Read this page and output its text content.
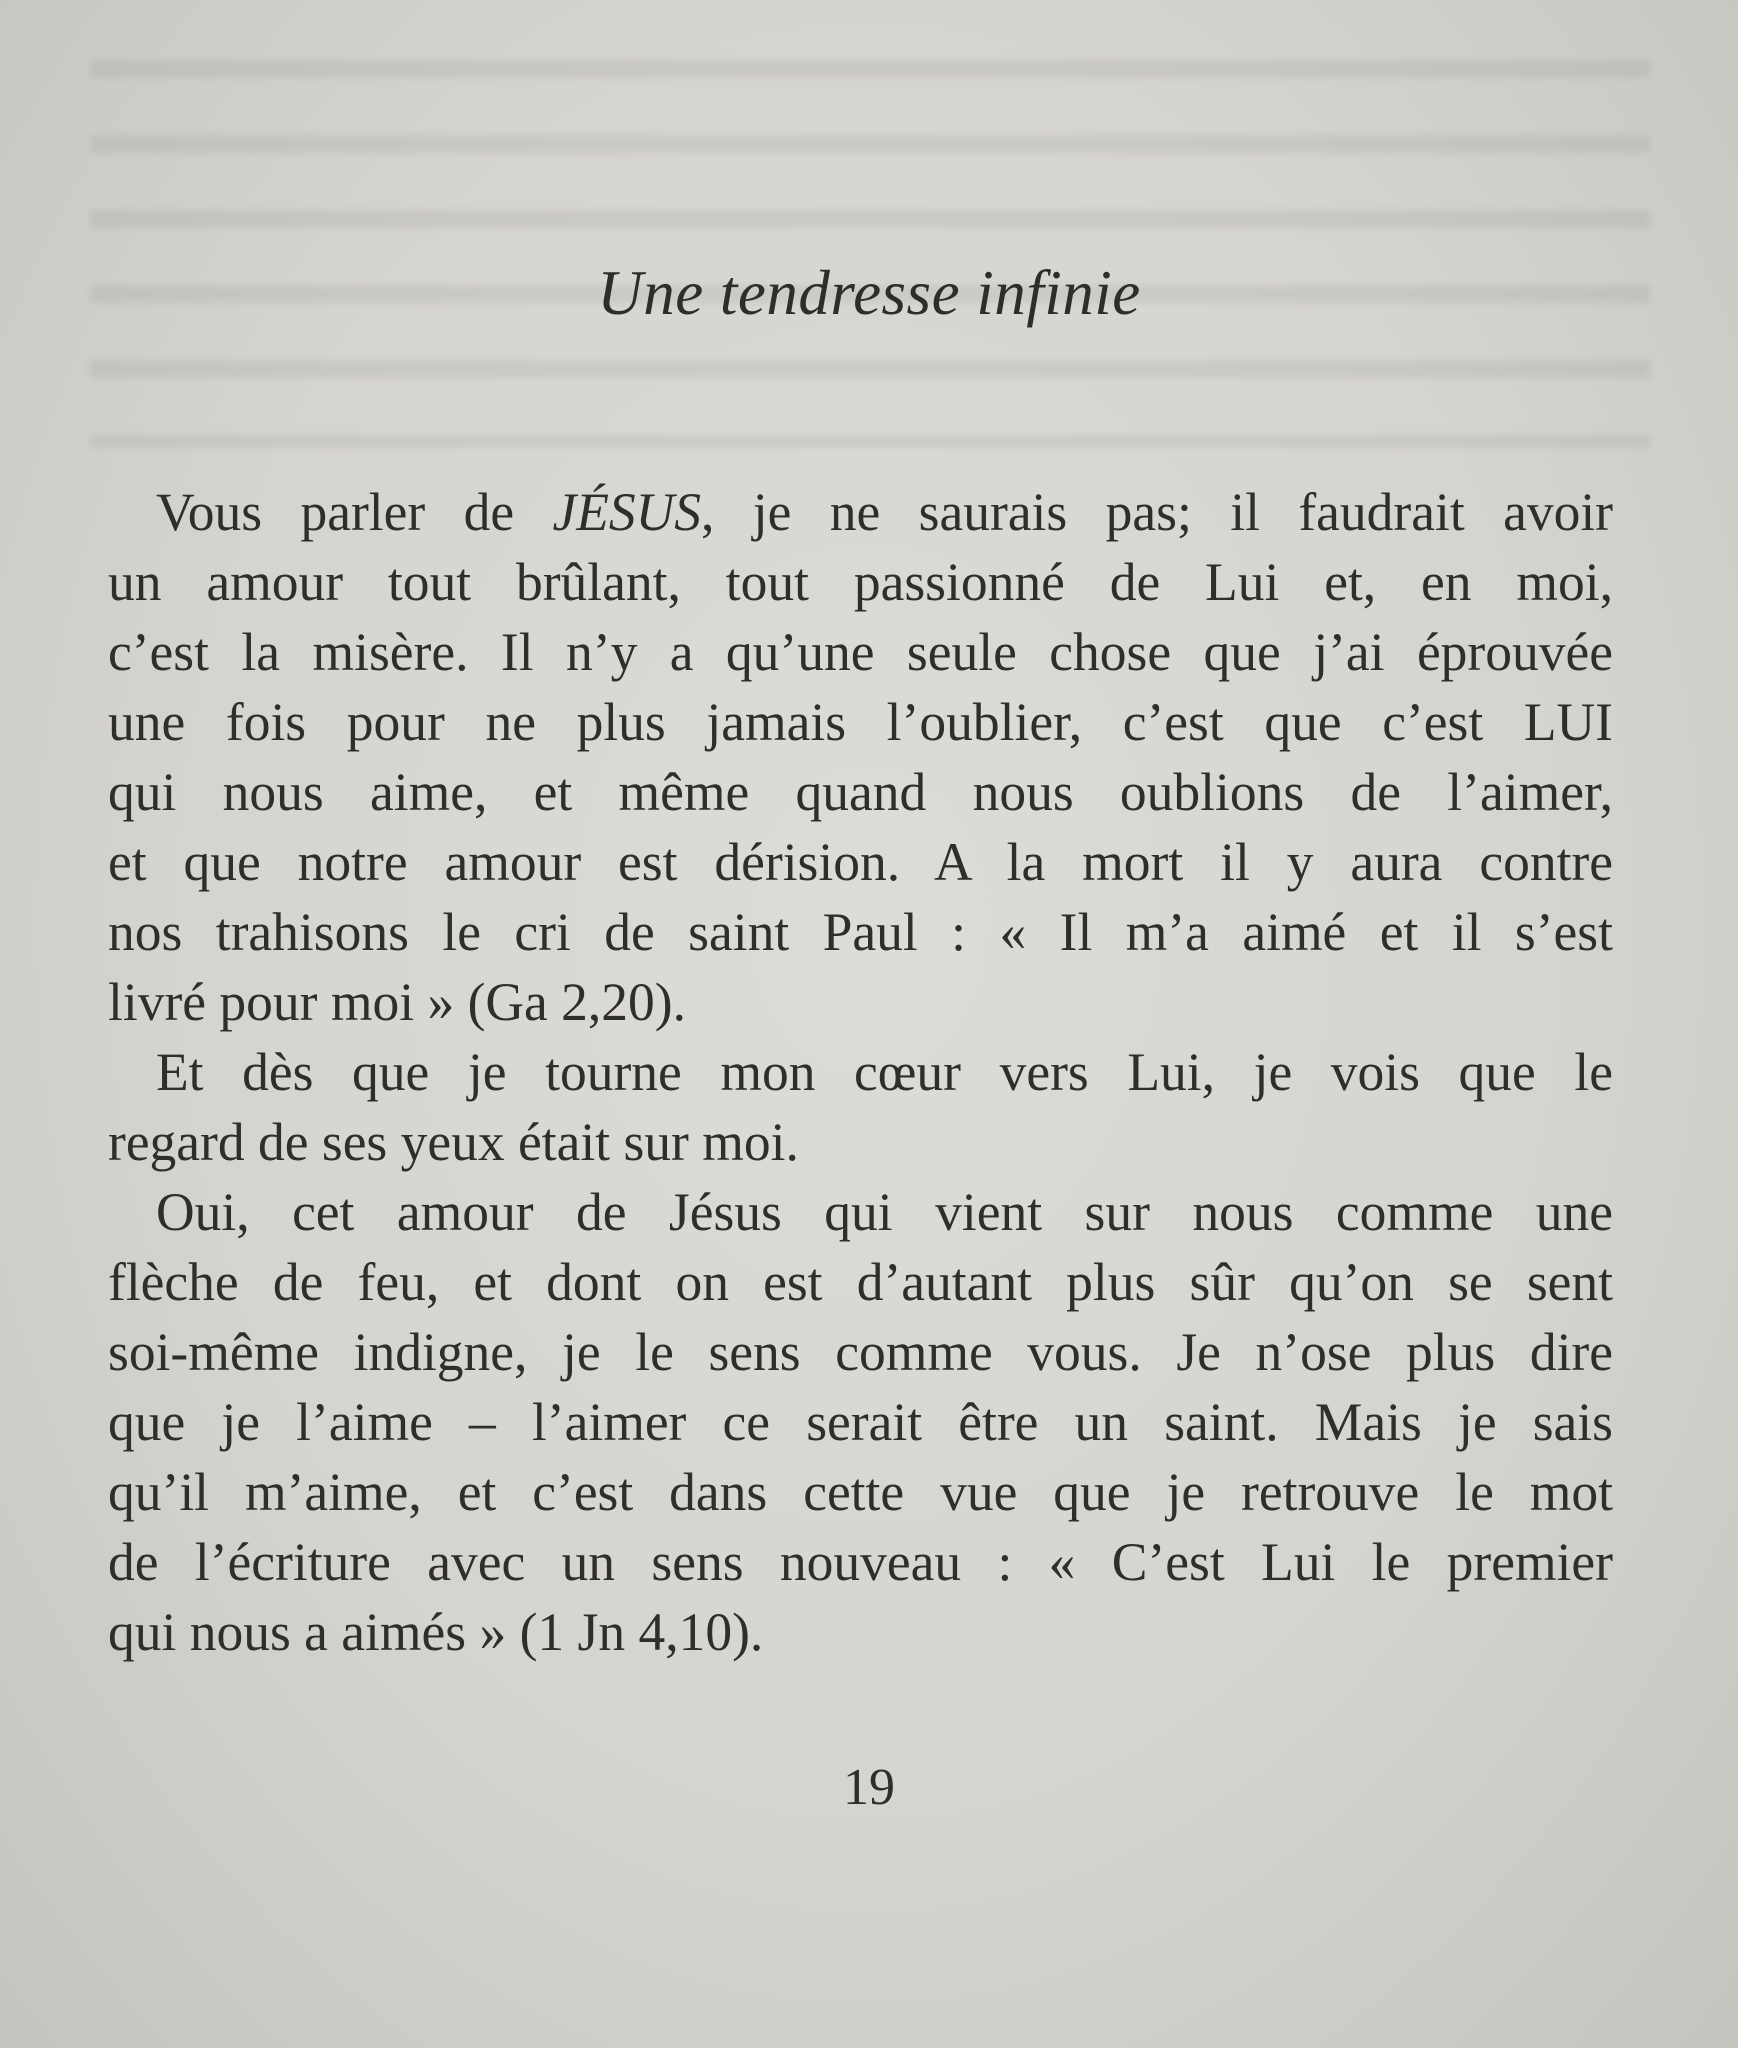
Une tendresse infinie
Vous parler de JÉSUS, je ne saurais pas; il faudrait avoir
un amour tout brûlant, tout passionné de Lui et, en moi,
c’est la misère. Il n’y a qu’une seule chose que j’ai éprouvée
une fois pour ne plus jamais l’oublier, c’est que c’est LUI
qui nous aime, et même quand nous oublions de l’aimer,
et que notre amour est dérision. A la mort il y aura contre
nos trahisons le cri de saint Paul : « Il m’a aimé et il s’est
livré pour moi » (Ga 2,20).
Et dès que je tourne mon cœur vers Lui, je vois que le
regard de ses yeux était sur moi.
Oui, cet amour de Jésus qui vient sur nous comme une
flèche de feu, et dont on est d’autant plus sûr qu’on se sent
soi-même indigne, je le sens comme vous. Je n’ose plus dire
que je l’aime – l’aimer ce serait être un saint. Mais je sais
qu’il m’aime, et c’est dans cette vue que je retrouve le mot
de l’écriture avec un sens nouveau : « C’est Lui le premier
qui nous a aimés » (1 Jn 4,10).
19
